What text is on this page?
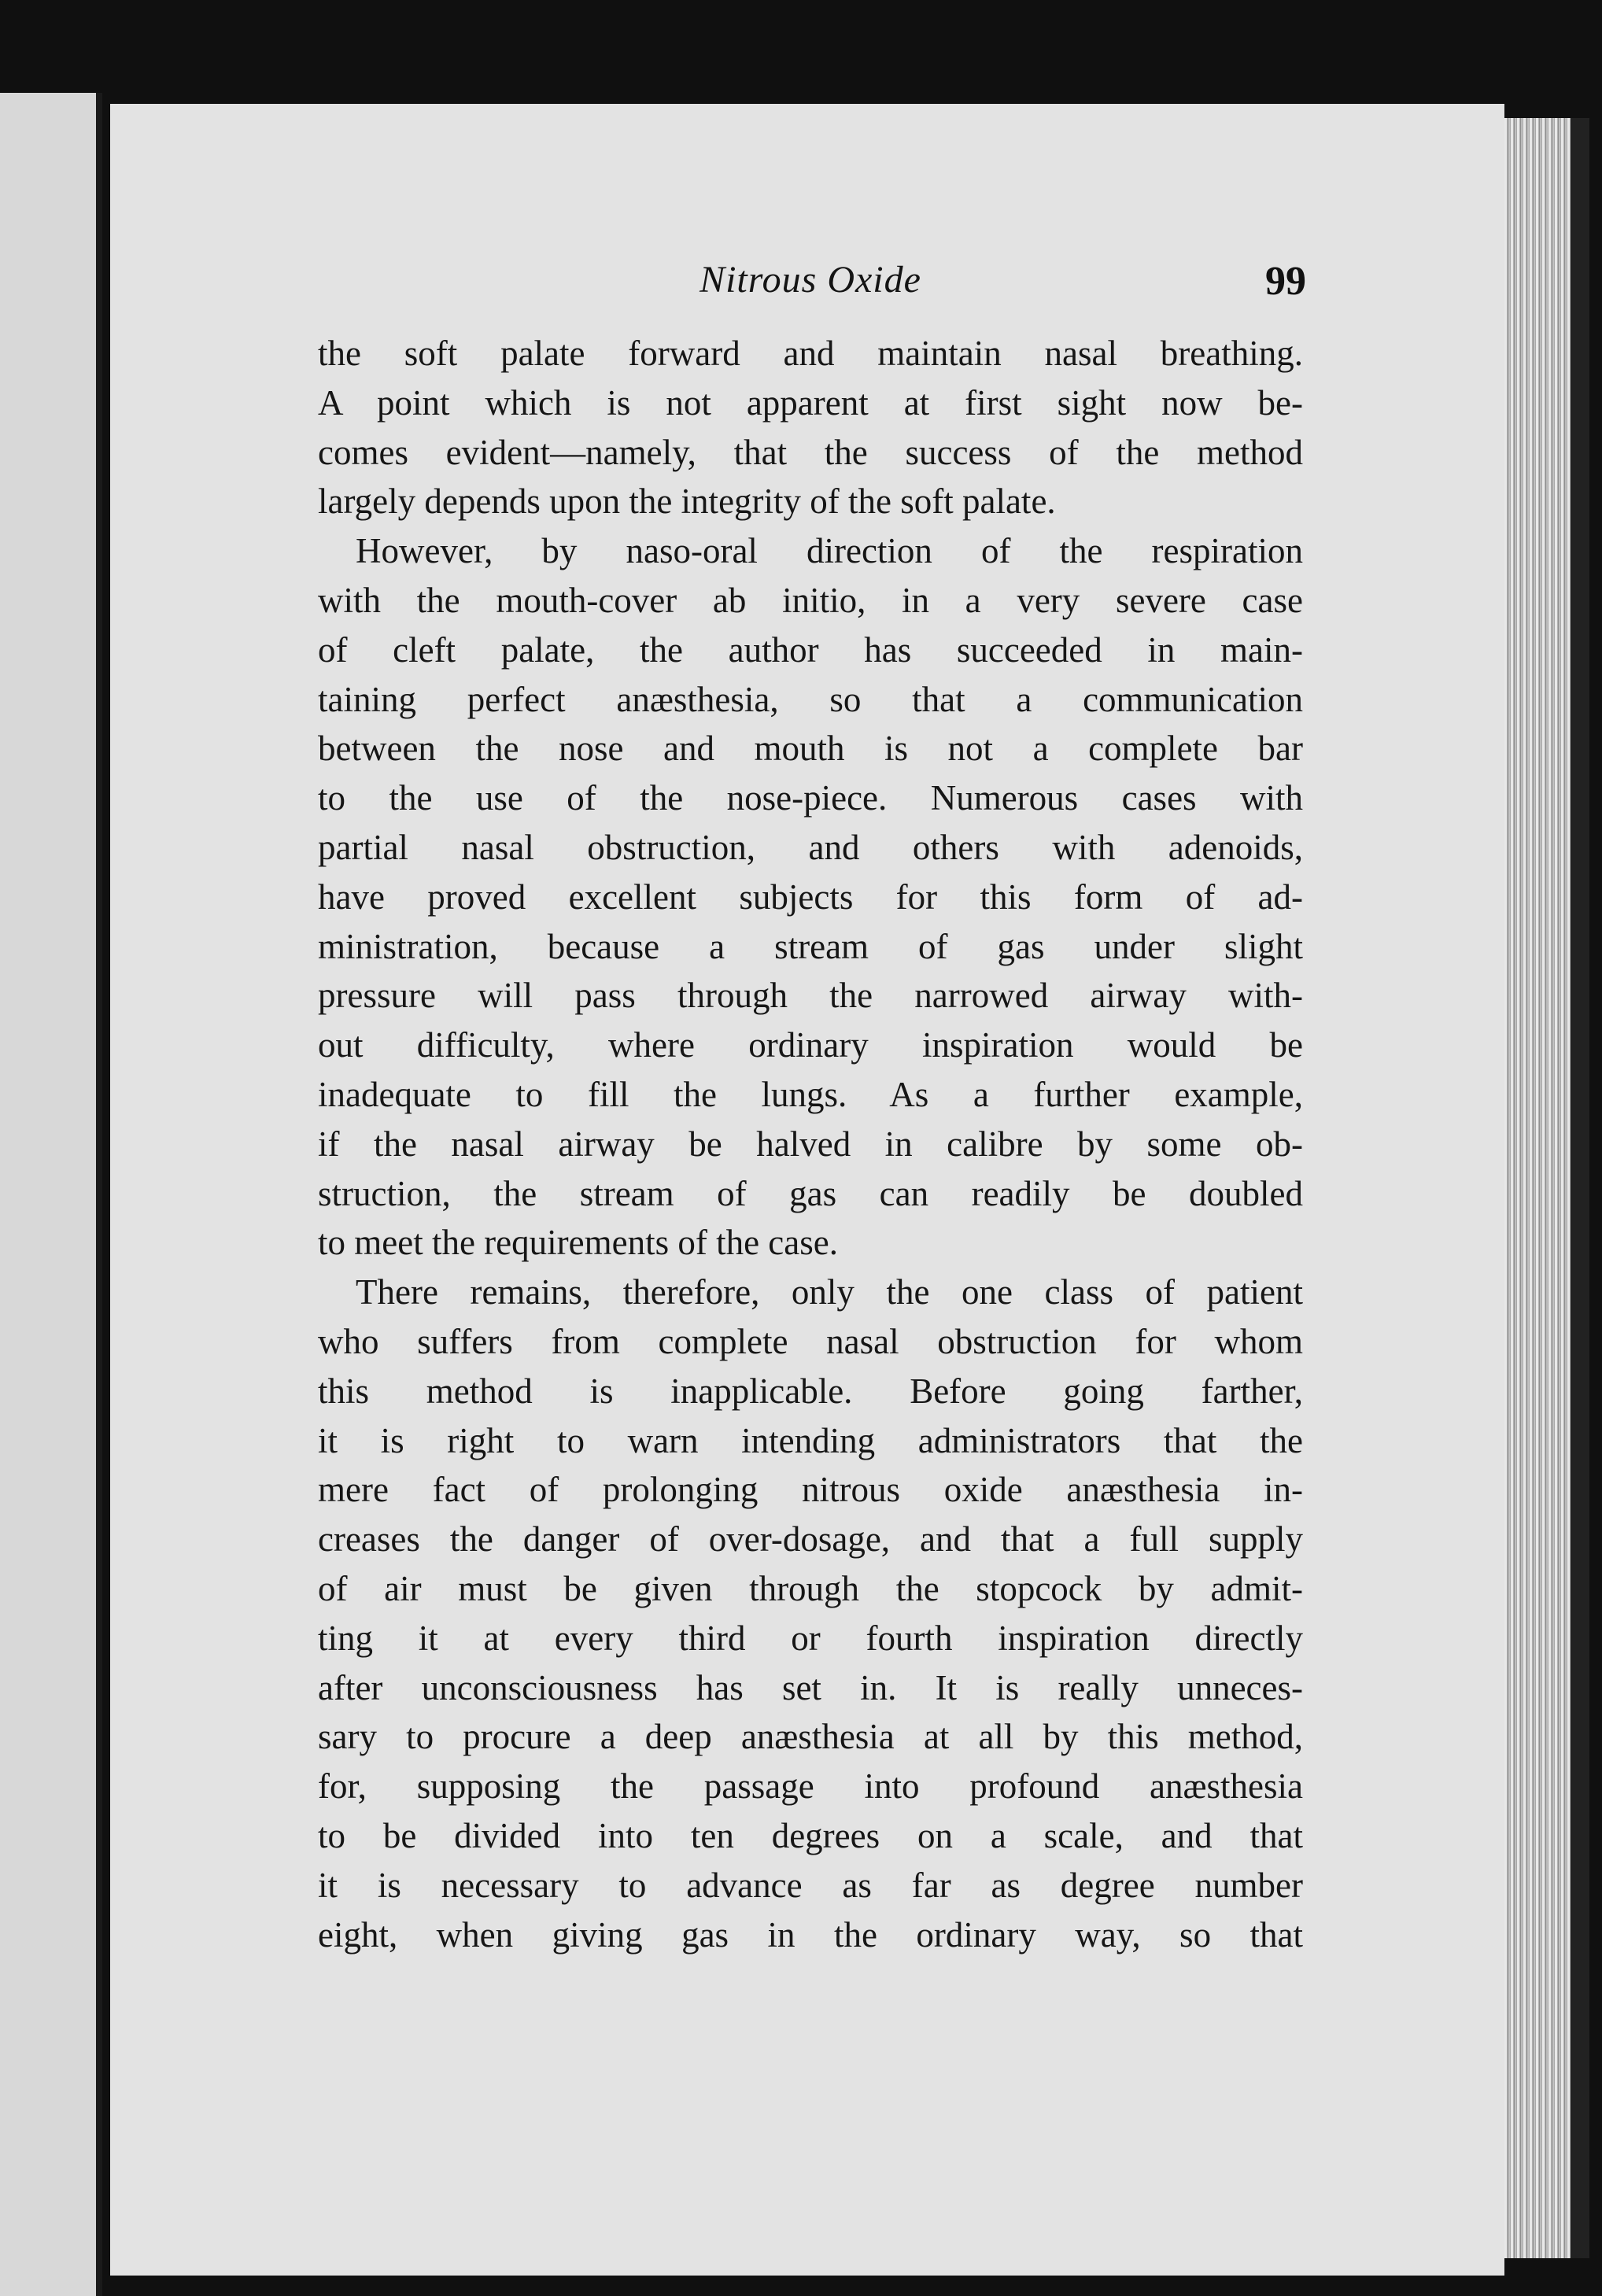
Nitrous Oxide	99

the soft palate forward and maintain nasal breathing.
A point which is not apparent at first sight now be-
comes evident—namely, that the success of the method
largely depends upon the integrity of the soft palate.

However, by naso-oral direction of the respiration
with the mouth-cover ab initio, in a very severe case
of cleft palate, the author has succeeded in main-
taining perfect anæsthesia, so that a communication
between the nose and mouth is not a complete bar
to the use of the nose-piece. Numerous cases with
partial nasal obstruction, and others with adenoids,
have proved excellent subjects for this form of ad-
ministration, because a stream of gas under slight
pressure will pass through the narrowed airway with-
out difficulty, where ordinary inspiration would be
inadequate to fill the lungs. As a further example,
if the nasal airway be halved in calibre by some ob-
struction, the stream of gas can readily be doubled
to meet the requirements of the case.

There remains, therefore, only the one class of patient
who suffers from complete nasal obstruction for whom
this method is inapplicable. Before going farther,
it is right to warn intending administrators that the
mere fact of prolonging nitrous oxide anæsthesia in-
creases the danger of over-dosage, and that a full supply
of air must be given through the stopcock by admit-
ting it at every third or fourth inspiration directly
after unconsciousness has set in. It is really unneces-
sary to procure a deep anæsthesia at all by this method,
for, supposing the passage into profound anæsthesia
to be divided into ten degrees on a scale, and that
it is necessary to advance as far as degree number
eight, when giving gas in the ordinary way, so that
